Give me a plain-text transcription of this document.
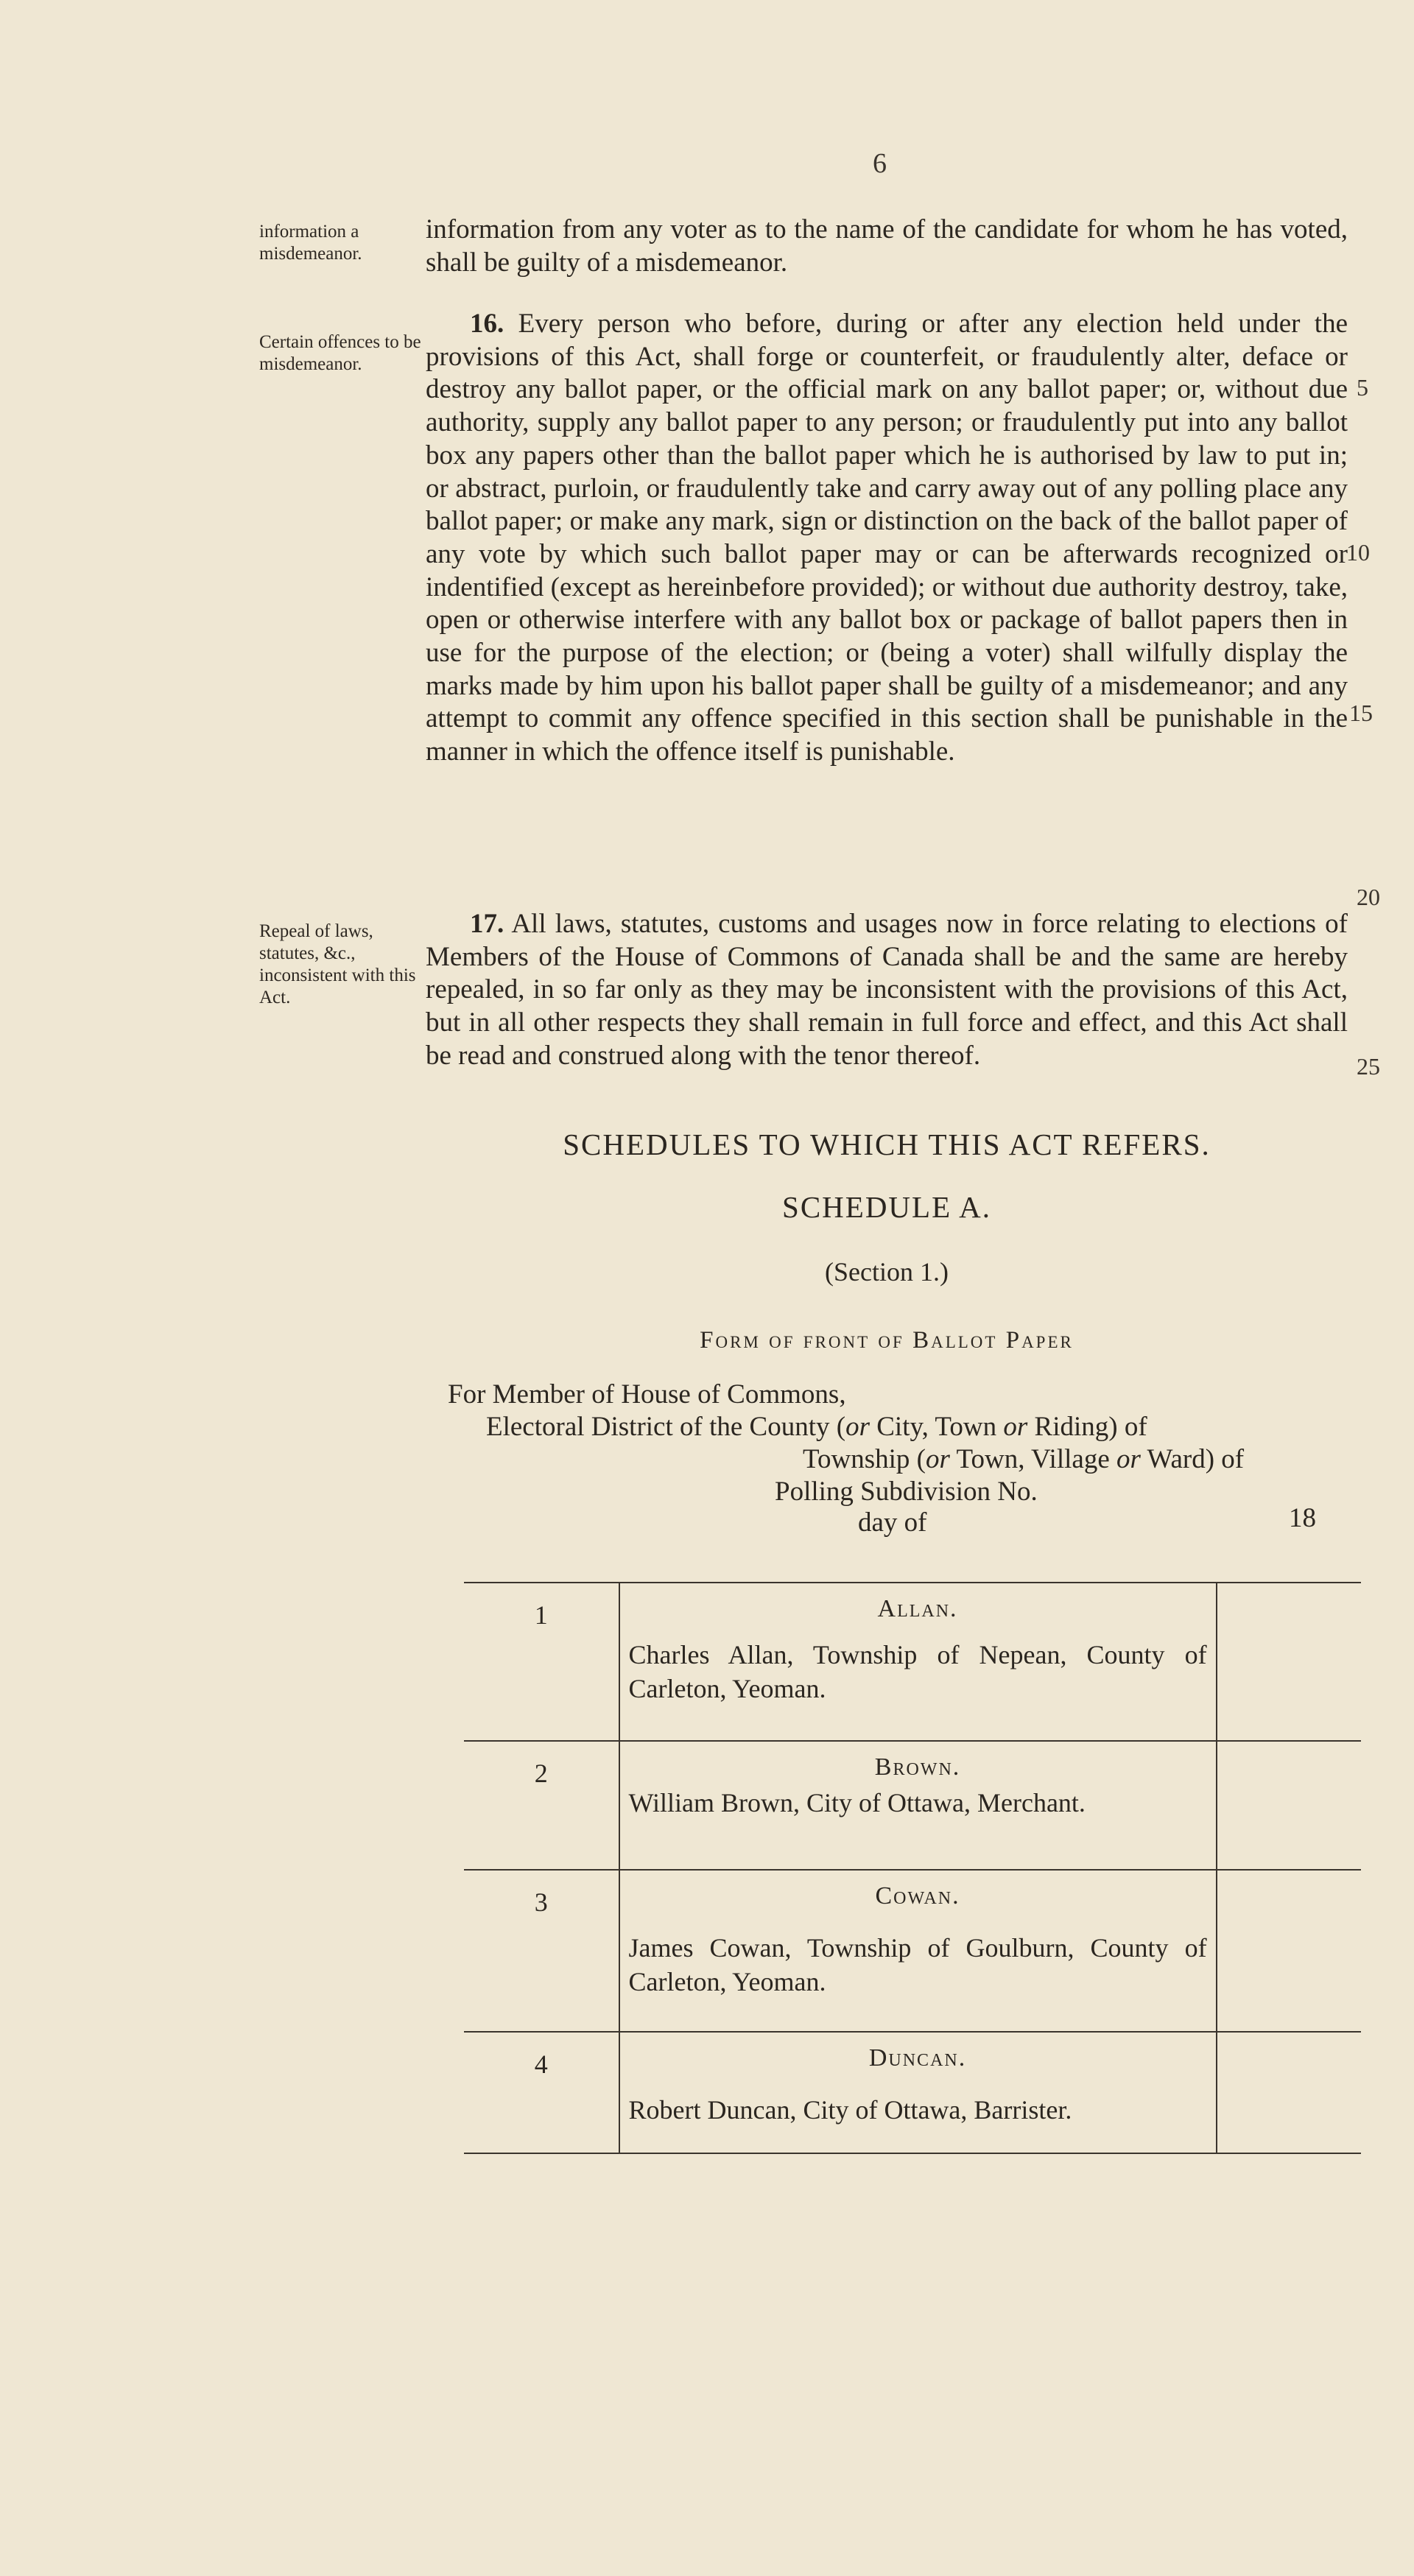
6
information a misdemeanor.
Certain offences to be misdemeanor.
Repeal of laws, statutes, &c., inconsistent with this Act.

information from any voter as to the name of the candidate for whom he has voted, shall be guilty of a misdemeanor.

16. Every person who before, during or after any election held under the provisions of this Act, shall forge or counterfeit, or fraudulently alter, deface or destroy any ballot paper, or the official mark on any ballot paper; or, without due authority, supply any ballot paper to any person; or fraudulently put into any ballot box any papers other than the ballot paper which he is authorised by law to put in; or abstract, purloin, or fraudulently take and carry away out of any polling place any ballot paper; or make any mark, sign or distinction on the back of the ballot paper of any vote by which such ballot paper may or can be afterwards recognized or indentified (except as hereinbefore provided); or without due authority destroy, take, open or otherwise interfere with any ballot box or package of ballot papers then in use for the purpose of the election; or (being a voter) shall wilfully display the marks made by him upon his ballot paper shall be guilty of a misdemeanor; and any attempt to commit any offence specified in this section shall be punishable in the manner in which the offence itself is punishable.

17. All laws, statutes, customs and usages now in force relating to elections of Members of the House of Commons of Canada shall be and the same are hereby repealed, in so far only as they may be inconsistent with the provisions of this Act, but in all other respects they shall remain in full force and effect, and this Act shall be read and construed along with the tenor thereof.

5
10
15
20
25
SCHEDULES TO WHICH THIS ACT REFERS.
SCHEDULE A.
(Section 1.)
Form of front of Ballot Paper
For Member of House of Commons,
Electoral District of the County (or City, Town or Riding) of
Township (or Town, Village or Ward) of
Polling Subdivision No.
day of	18
1	Allan.
Charles Allan, Township of Nepean, County of Carleton, Yeoman.	

2	Brown.
William Brown, City of Ottawa, Merchant.	

3	Cowan.
James Cowan, Township of Goulburn, County of Carleton, Yeoman.	

4	Duncan.
Robert Duncan, City of Ottawa, Barrister.	
